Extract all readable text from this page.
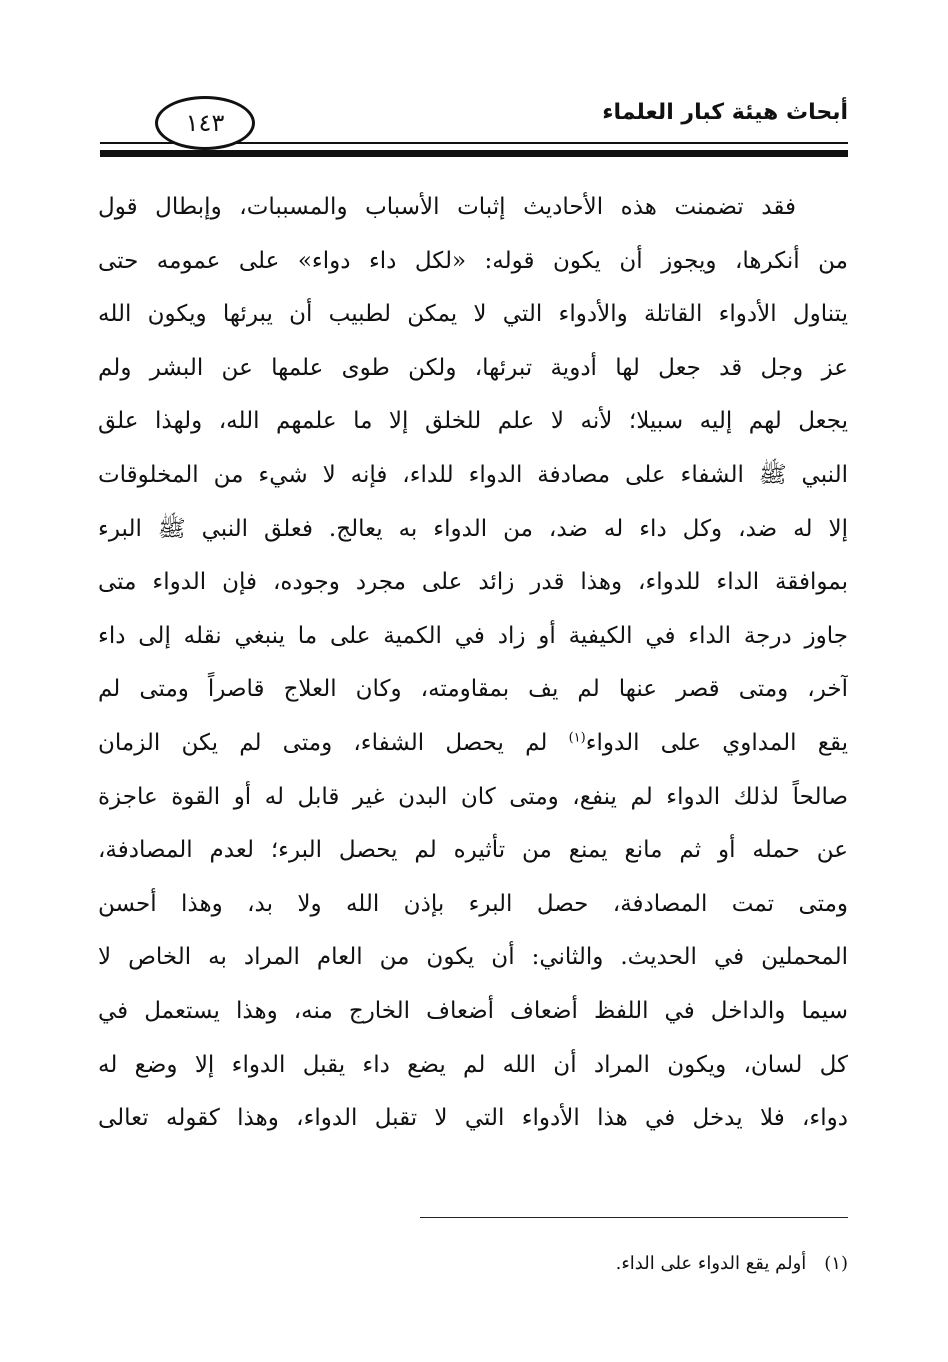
أبحاث هيئة كبار العلماء
١٤٣
فقد تضمنت هذه الأحاديث إثبات الأسباب والمسببات، وإبطال قول
من أنكرها، ويجوز أن يكون قوله: «لكل داء دواء» على عمومه حتى
يتناول الأدواء القاتلة والأدواء التي لا يمكن لطبيب أن يبرئها ويكون الله
عز وجل قد جعل لها أدوية تبرئها، ولكن طوى علمها عن البشر ولم
يجعل لهم إليه سبيلا؛ لأنه لا علم للخلق إلا ما علمهم الله، ولهذا علق
النبي ﷺ الشفاء على مصادفة الدواء للداء، فإنه لا شيء من المخلوقات
إلا له ضد، وكل داء له ضد، من الدواء به يعالج. فعلق النبي ﷺ البرء
بموافقة الداء للدواء، وهذا قدر زائد على مجرد وجوده، فإن الدواء متى
جاوز درجة الداء في الكيفية أو زاد في الكمية على ما ينبغي نقله إلى داء
آخر، ومتى قصر عنها لم يف بمقاومته، وكان العلاج قاصراً ومتى لم
يقع المداوي على الدواء$^{(١)}$ لم يحصل الشفاء، ومتى لم يكن الزمان
صالحاً لذلك الدواء لم ينفع، ومتى كان البدن غير قابل له أو القوة عاجزة
عن حمله أو ثم مانع يمنع من تأثيره لم يحصل البرء؛ لعدم المصادفة،
ومتى تمت المصادفة، حصل البرء بإذن الله ولا بد، وهذا أحسن
المحملين في الحديث. والثاني: أن يكون من العام المراد به الخاص لا
سيما والداخل في اللفظ أضعاف أضعاف الخارج منه، وهذا يستعمل في
كل لسان، ويكون المراد أن الله لم يضع داء يقبل الدواء إلا وضع له
دواء، فلا يدخل في هذا الأدواء التي لا تقبل الدواء، وهذا كقوله تعالى
(١)أولم يقع الدواء على الداء.
